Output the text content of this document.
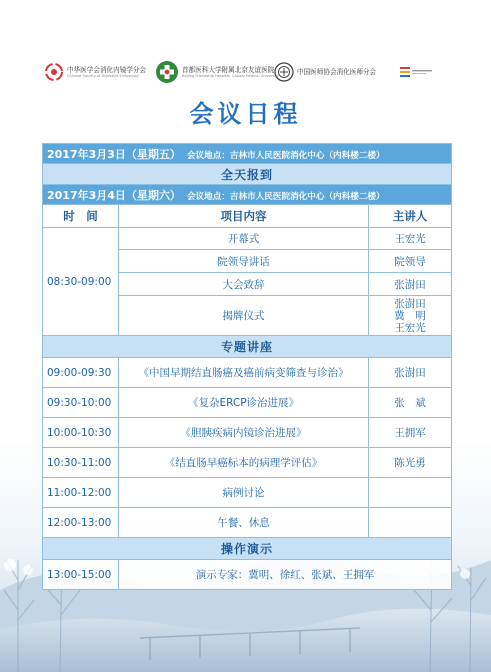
中华医学会消化内镜学分会
Chinese Society of Digestive Endoscopy
首都医科大学附属北京友谊医院
Beijing Friendship Hospital, Capital Medical University	中国医师协会消化医师分会
会议日程
2017年3月3日（星期五） 会议地点：吉林市人民医院消化中心（内科楼二楼）		
全天报到		
2017年3月4日（星期六） 会议地点：吉林市人民医院消化中心（内科楼二楼）		
时　间	项目内容	主讲人
08:30-09:00	开幕式	王宏光
	院领导讲话	院领导
	大会致辞	张澍田
	揭牌仪式	张澍田
冀　明
王宏光

专题讲座		
09:00-09:30	《中国早期结直肠癌及癌前病变筛查与诊治》	张澍田
09:30-10:00	《复杂ERCP诊治进展》	张　斌
10:00-10:30	《胆胰疾病内镜诊治进展》	王拥军
10:30-11:00	《结直肠早癌标本的病理学评估》	陈光勇
11:00-12:00	病例讨论	
12:00-13:00	午餐、休息	
操作演示		
13:00-15:00	演示专家：冀明、徐红、张斌、王拥军	
